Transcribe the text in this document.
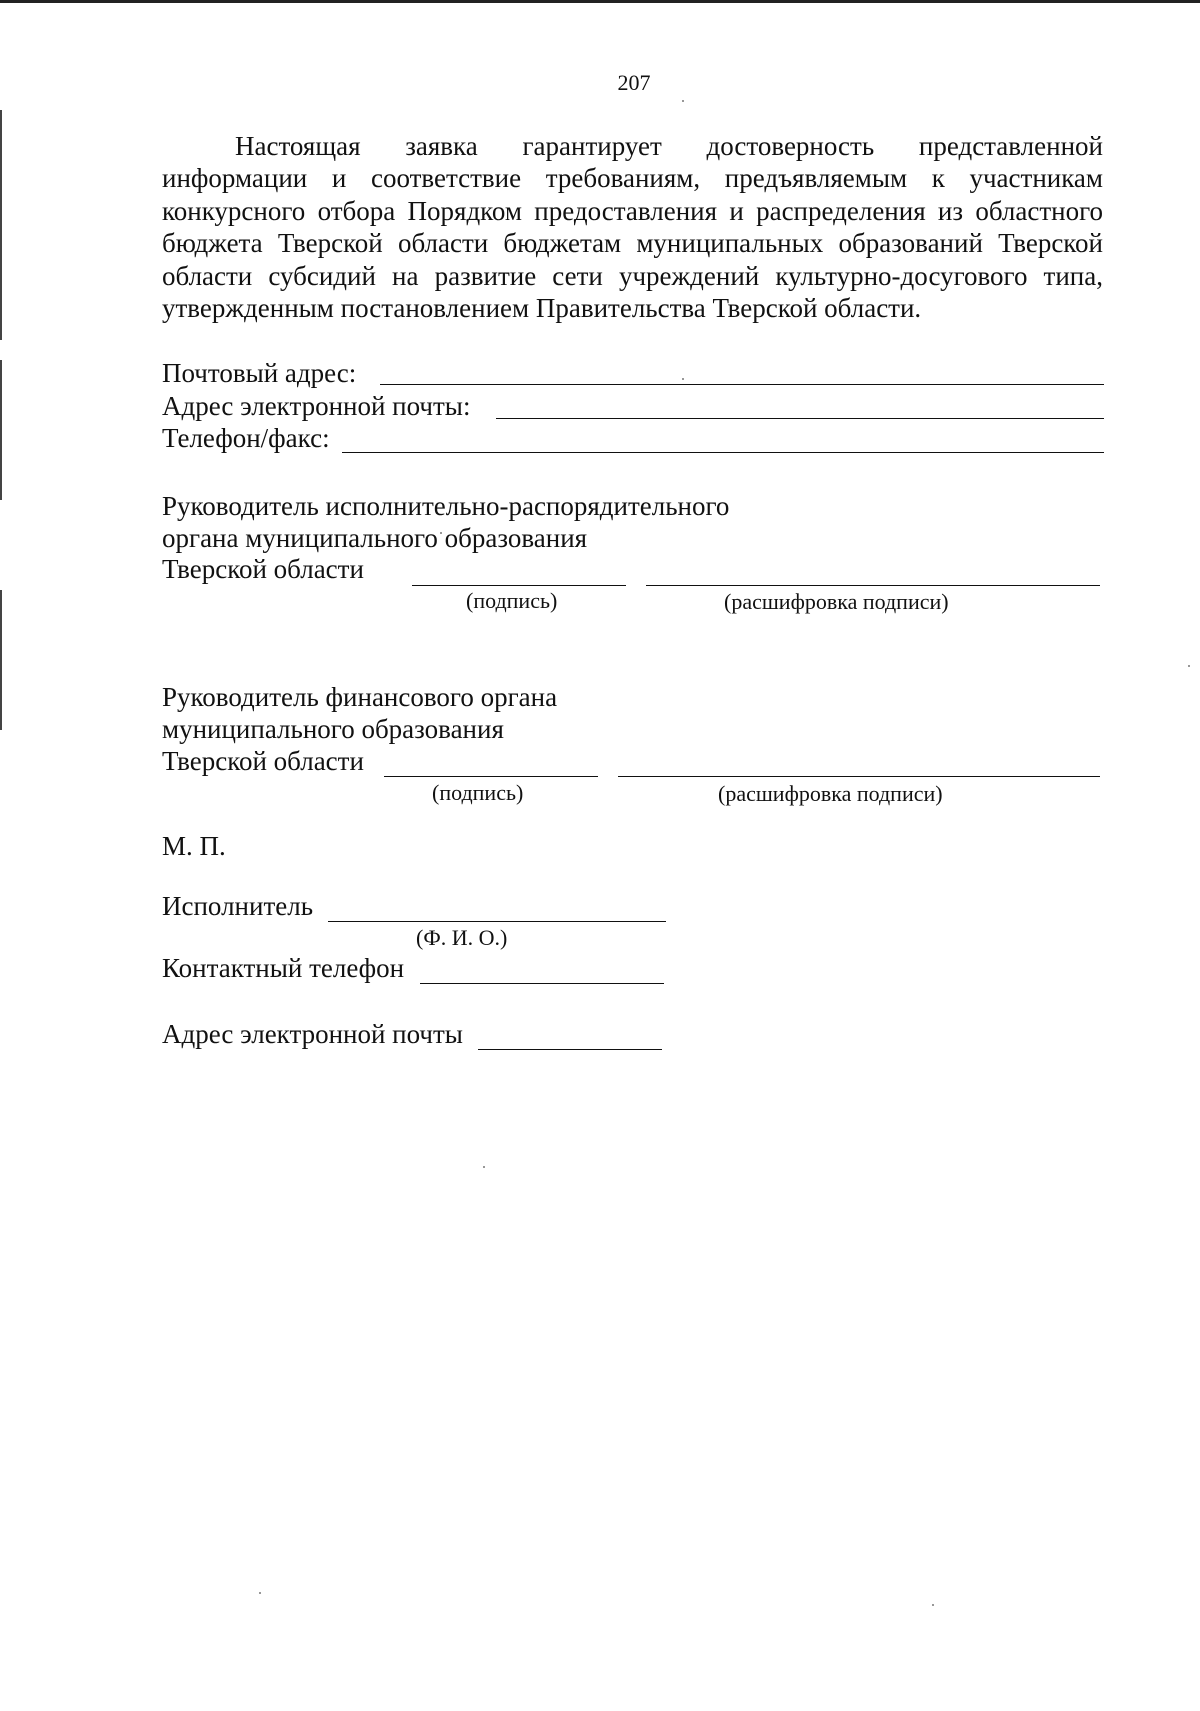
207
Настоящая заявка гарантирует достоверность представленной
информации и соответствие требованиям, предъявляемым к участникам
конкурсного отбора Порядком предоставления и распределения из областного
бюджета Тверской области бюджетам муниципальных образований Тверской
области субсидий на развитие сети учреждений культурно-досугового типа,
утвержденным постановлением Правительства Тверской области.
Почтовый адрес:
Адрес электронной почты:
Телефон/факс:
Руководитель исполнительно-распорядительного
органа муниципального образования
Тверской области
(подпись)	(расшифровка подписи)
Руководитель финансового органа
муниципального образования
Тверской области
(подпись)	(расшифровка подписи)
М. П.
Исполнитель
(Ф. И. О.)
Контактный телефон
Адрес электронной почты
